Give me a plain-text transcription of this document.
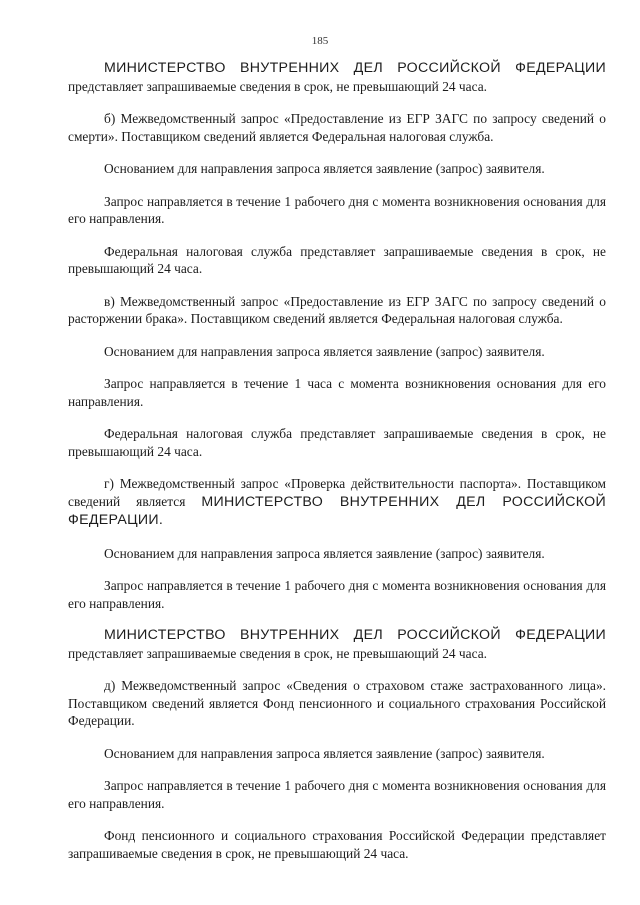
185
МИНИСТЕРСТВО ВНУТРЕННИХ ДЕЛ РОССИЙСКОЙ ФЕДЕРАЦИИ
представляет запрашиваемые сведения в срок, не превышающий 24 часа.

б) Межведомственный запрос «Предоставление из ЕГР ЗАГС по запросу сведений о смерти». Поставщиком сведений является Федеральная налоговая служба.

Основанием для направления запроса является заявление (запрос) заявителя.

Запрос направляется в течение 1 рабочего дня с момента возникновения основания для его направления.

Федеральная налоговая служба представляет запрашиваемые сведения в срок, не превышающий 24 часа.

в) Межведомственный запрос «Предоставление из ЕГР ЗАГС по запросу сведений о расторжении брака». Поставщиком сведений является Федеральная налоговая служба.

Основанием для направления запроса является заявление (запрос) заявителя.

Запрос направляется в течение 1 часа с момента возникновения основания для его направления.

Федеральная налоговая служба представляет запрашиваемые сведения в срок, не превышающий 24 часа.

г) Межведомственный запрос «Проверка действительности паспорта». Поставщиком сведений является МИНИСТЕРСТВО ВНУТРЕННИХ ДЕЛ РОССИЙСКОЙ ФЕДЕРАЦИИ.

Основанием для направления запроса является заявление (запрос) заявителя.

Запрос направляется в течение 1 рабочего дня с момента возникновения основания для его направления.

МИНИСТЕРСТВО ВНУТРЕННИХ ДЕЛ РОССИЙСКОЙ ФЕДЕРАЦИИ
представляет запрашиваемые сведения в срок, не превышающий 24 часа.

д) Межведомственный запрос «Сведения о страховом стаже застрахованного лица». Поставщиком сведений является Фонд пенсионного и социального страхования Российской Федерации.

Основанием для направления запроса является заявление (запрос) заявителя.

Запрос направляется в течение 1 рабочего дня с момента возникновения основания для его направления.

Фонд пенсионного и социального страхования Российской Федерации представляет запрашиваемые сведения в срок, не превышающий 24 часа.
